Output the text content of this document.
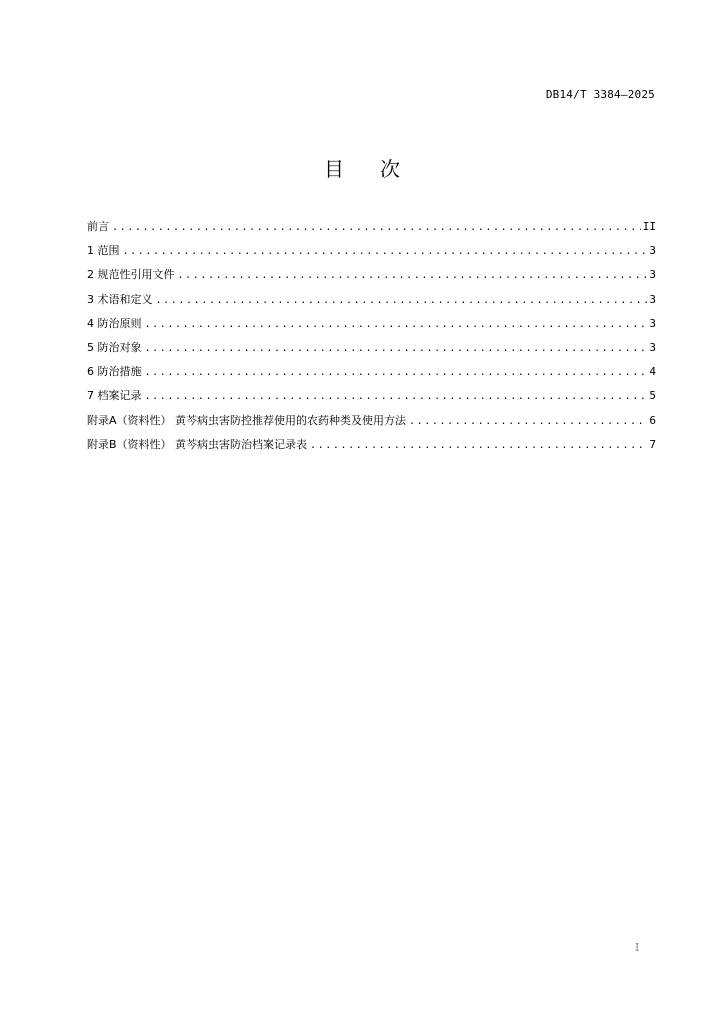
DB14/T 3384—2025
目次
前言 .....	II
1 范围 .....	3
2 规范性引用文件 .....	3
3 术语和定义 .....	3
4 防治原则 .....	3
5 防治对象 .....	3
6 防治措施 .....	4
7 档案记录 .....	5
附录A（资料性） 黄芩病虫害防控推荐使用的农药种类及使用方法 .....	6
附录B（资料性） 黄芩病虫害防治档案记录表 .....	7
I
